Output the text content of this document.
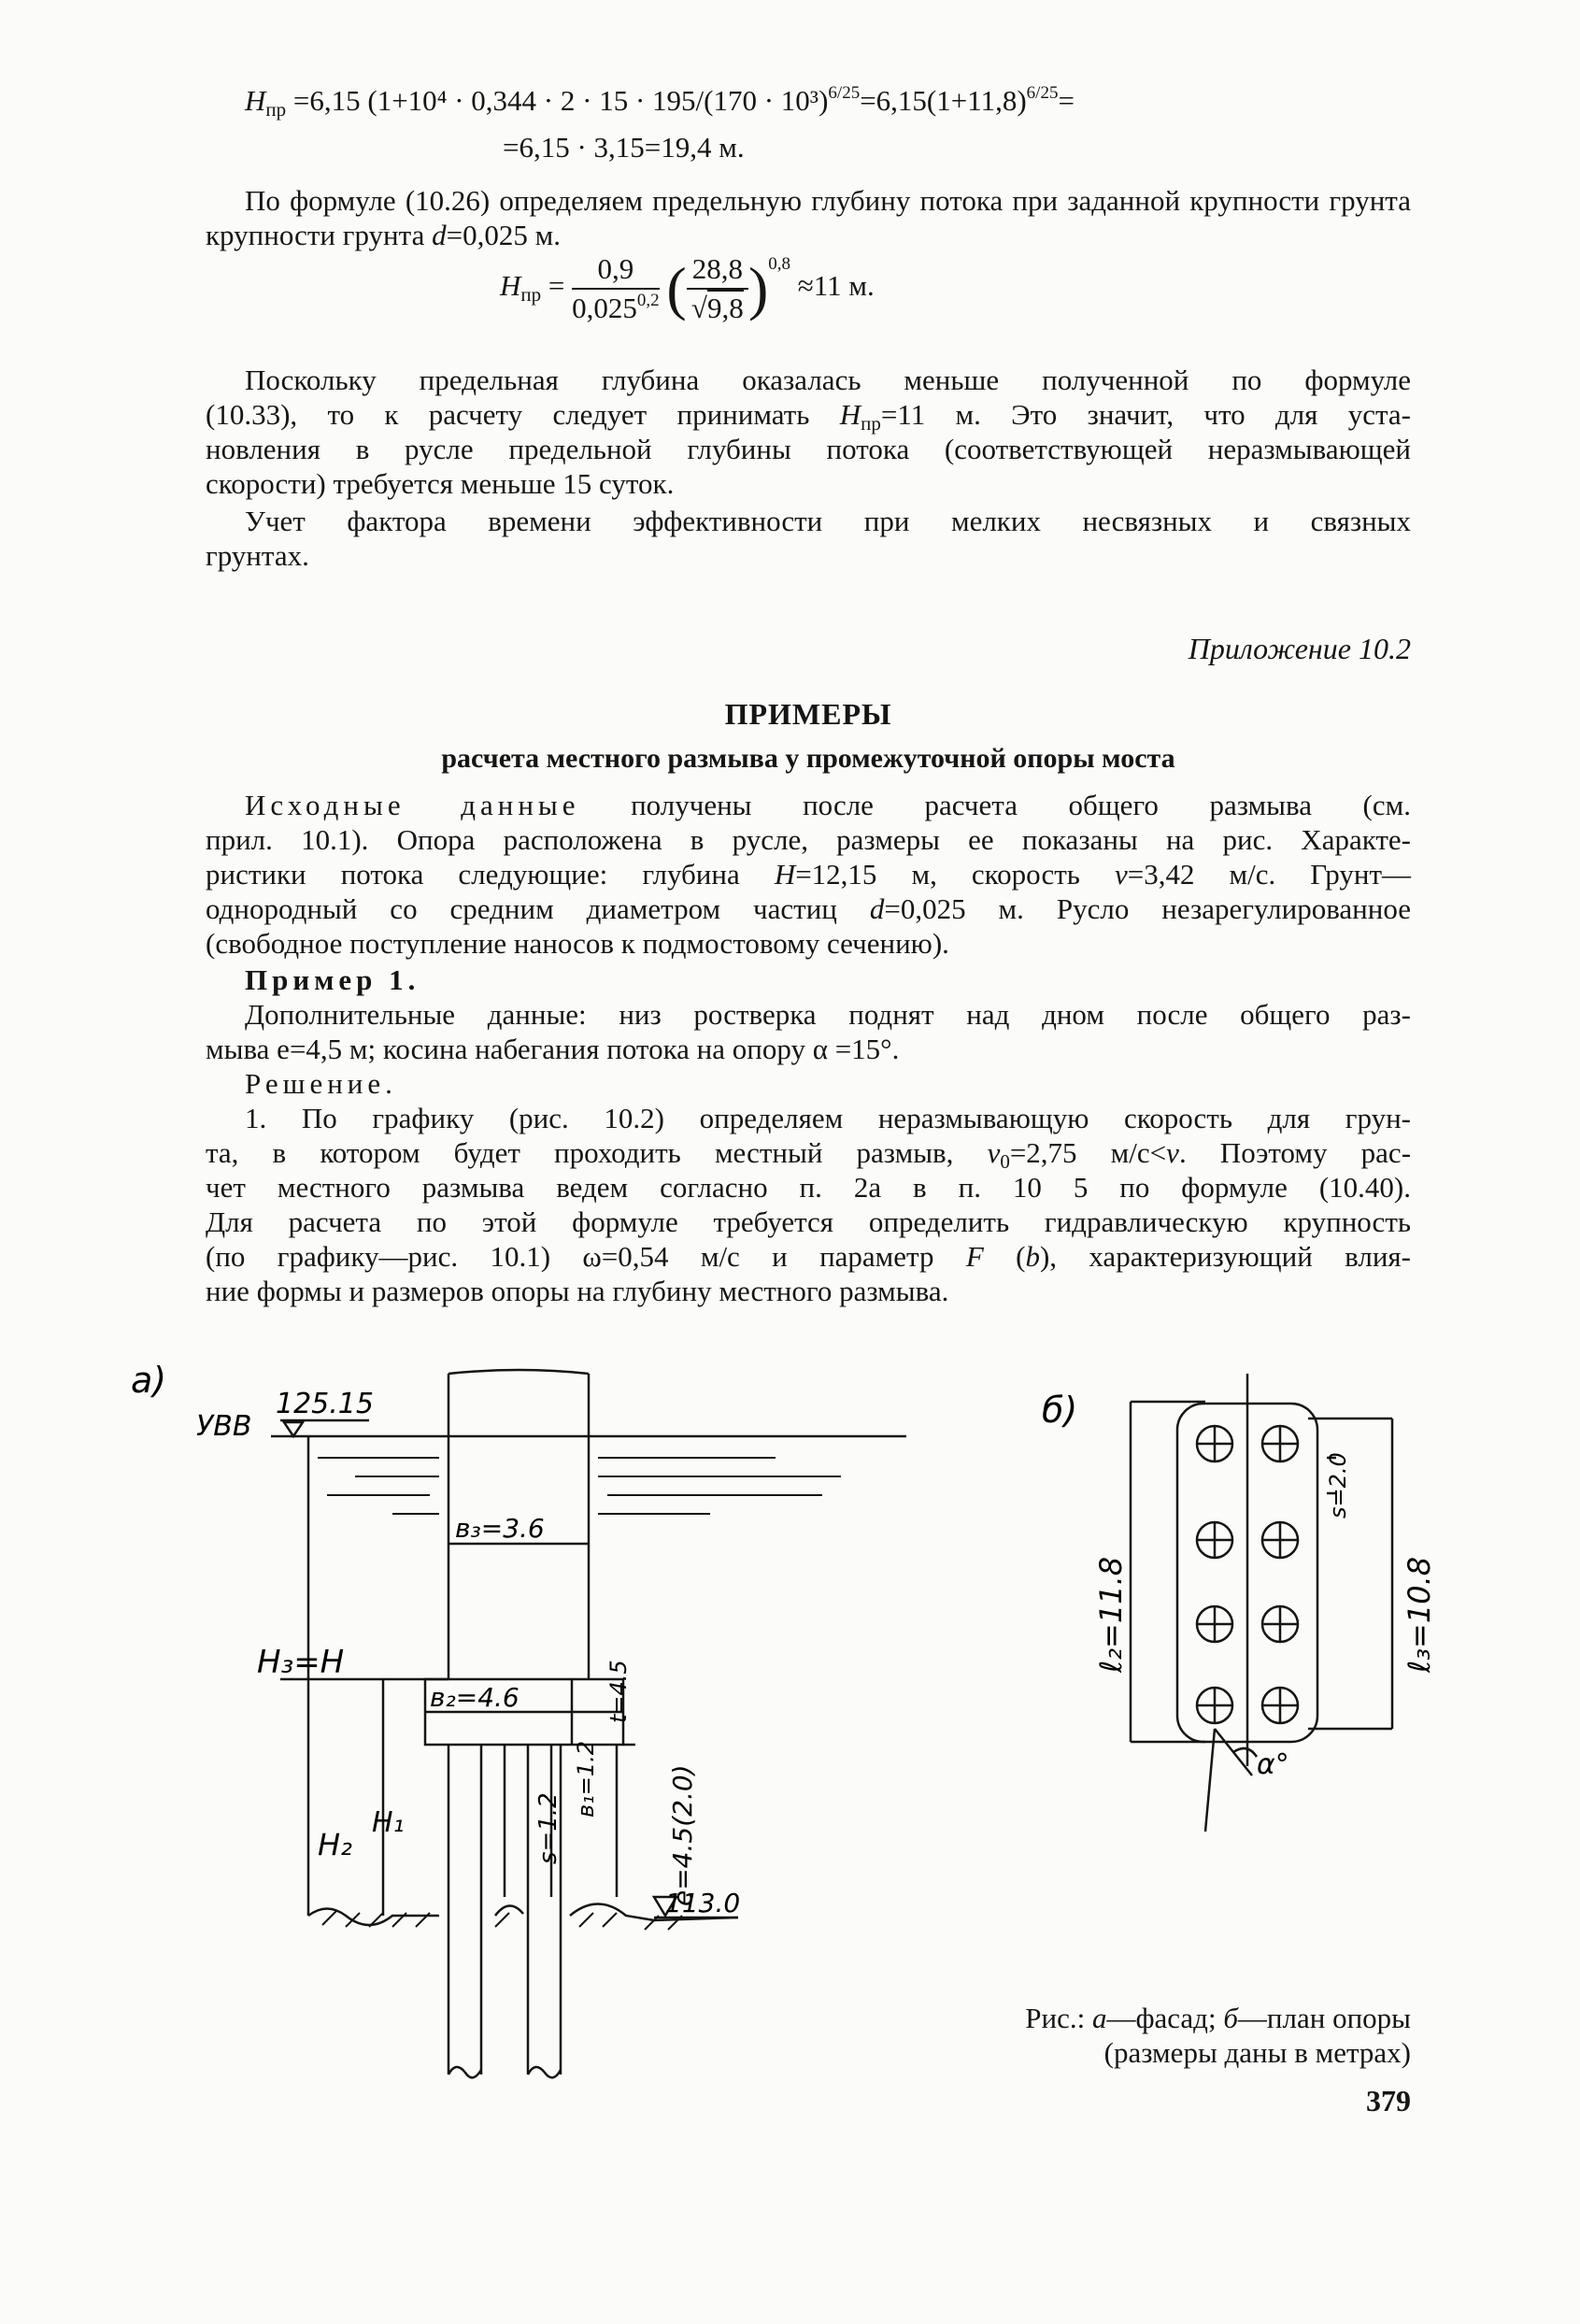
$H_{пр} =6,15$ ($1+10^4 \cdot 0,344 \cdot 2 \cdot 15 \cdot 195/(170 \cdot 10^3)^{6/25}=6,15(1+11,8)^{6/25}=$
=6,15 · 3,15=19,4 м.
По формуле (10.26) определяем предельную глубину потока при заданной крупности грунта
крупности грунта d=0,025 м.
$H_{пр} = \frac{0,9}{0,025^{0,2}}$ ( $\frac{28,8}{√9,8} )^{0,8} \approx 11$ м.
Поскольку предельная глубина оказалась меньше полученной по формуле
(10.33), то к расчету следует принимать $H_{пр}=11$ м. Это значит, что для уста-
новления в русле предельной глубины потока (соответствующей неразмывающей
скорости) требуется меньше 15 суток.
Учет фактора времени эффективности при мелких несвязных и связных
грунтах.
Приложение 10.2
ПРИМЕРЫ
расчета местного размыва у промежуточной опоры моста
Исходные данные получены после расчета общего размыва (см.
прил. 10.1). Опора расположена в русле, размеры ее показаны на рис. Характе-
ристики потока следующие: глубина H=12,15 м, скорость v=3,42 м/с. Грунт—
однородный со средним диаметром частиц d=0,025 м. Русло незарегулированное
(свободное поступление наносов к подмостовому сечению).
Пример 1.
Дополнительные данные: низ ростверка поднят над дном после общего раз-
мыва e=4,5 м; косина набегания потока на опору α =15°.
Решение.
1. По графику (рис. 10.2) определяем неразмывающую скорость для грун-
та, в котором будет проходить местный размыв, $v_0=2,75$ м/с<v. Поэтому рас-
чет местного размыва ведем согласно п. 2а в п. 10 5 по формуле (10.40).
Для расчета по этой формуле требуется определить гидравлическую крупность
(по графику—рис. 10.1) ω=0,54 м/с и параметр F (b), характеризующий влия-
ние формы и размеров опоры на глубину местного размыва.
а)
125.15
УВВ
в₃=3.6
H₃=H
в₂=4.6	t=4.5
H₂
H₁	s=1.2
в₁=1.2	e=4.5(2.0)
113.0
б)
ℓ₂=11.8	ℓ₃=10.8
s=2.0
α°
Рис.: а—фасад; б—план опоры
(размеры даны в метрах)
379
